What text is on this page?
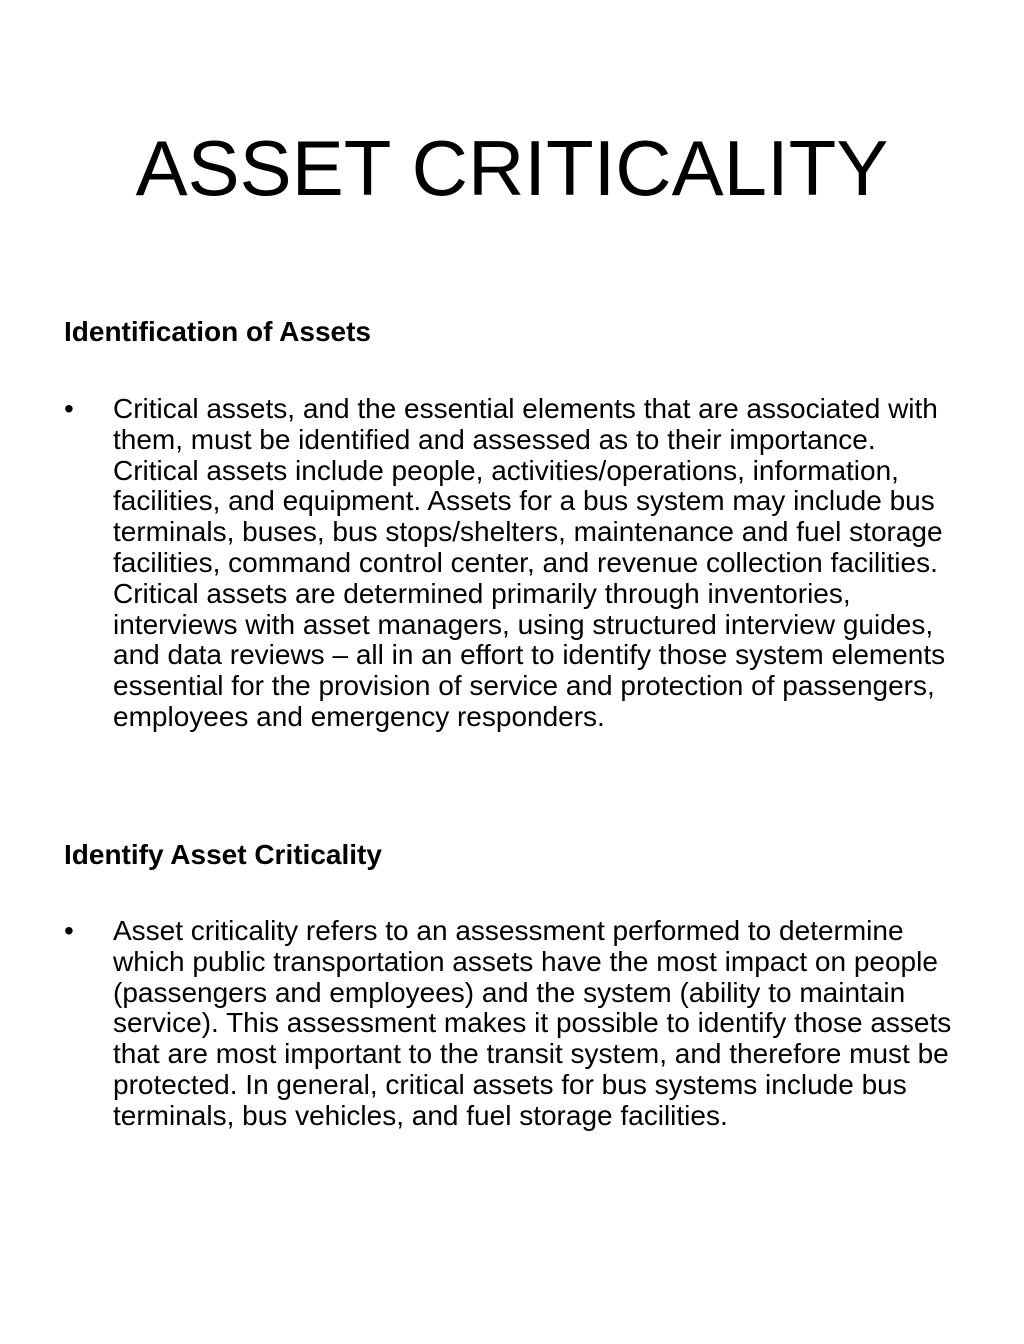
ASSET CRITICALITY
Identification of Assets
•	Critical assets, and the essential elements that are associated with them, must be identified and assessed as to their importance. Critical assets include people, activities/operations, information, facilities, and equipment. Assets for a bus system may include bus terminals, buses, bus stops/shelters, maintenance and fuel storage facilities, command control center, and revenue collection facilities. Critical assets are determined primarily through inventories, interviews with asset managers, using structured interview guides, and data reviews – all in an effort to identify those system elements essential for the provision of service and protection of passengers, employees and emergency responders.
Identify Asset Criticality
•	Asset criticality refers to an assessment performed to determine which public transportation assets have the most impact on people (passengers and employees) and the system (ability to maintain service). This assessment makes it possible to identify those assets that are most important to the transit system, and therefore must be protected. In general, critical assets for bus systems include bus terminals, bus vehicles, and fuel storage facilities.
